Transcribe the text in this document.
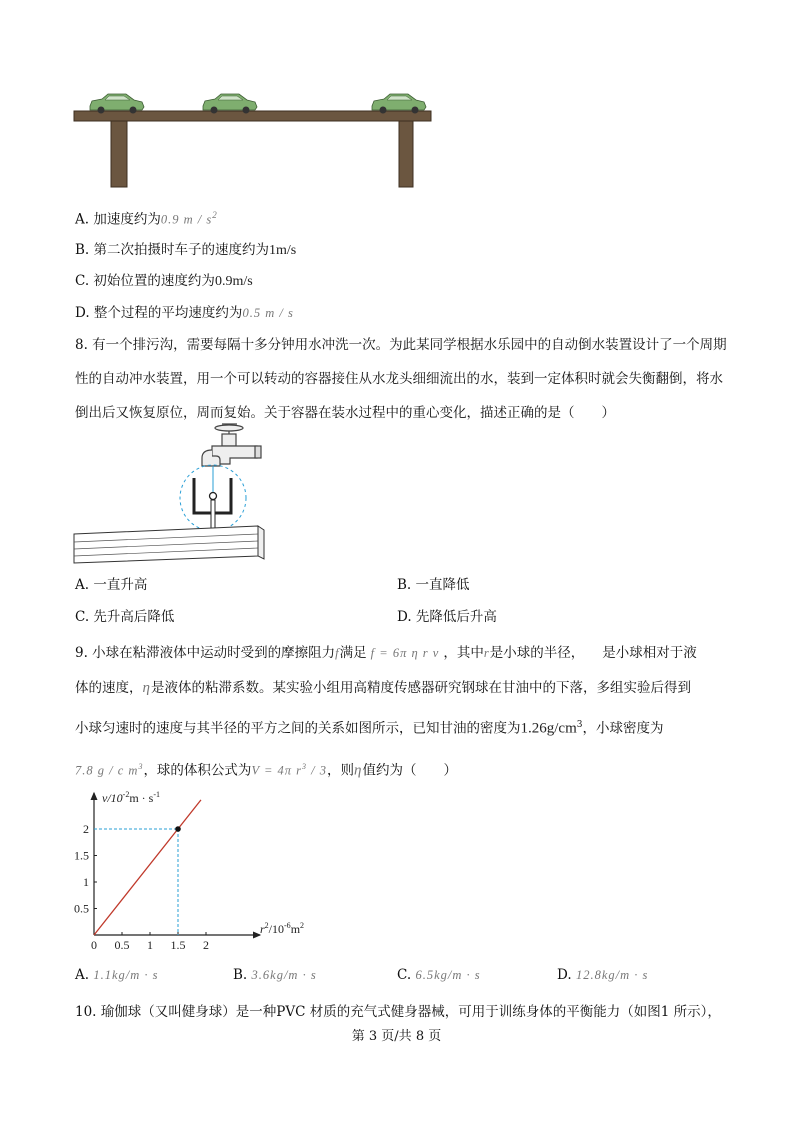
A. 加速度约为0.9 m / $s^2$
B. 第二次拍摄时车子的速度约为1m/s
C. 初始位置的速度约为0.9m/s
D. 整个过程的平均速度约为0.5 m / s
8. 有一个排污沟，需要每隔十多分钟用水冲洗一次。为此某同学根据水乐园中的自动倒水装置设计了一个周期性的自动冲水装置，用一个可以转动的容器接住从水龙头细细流出的水，装到一定体积时就会失衡翻倒，将水倒出后又恢复原位，周而复始。关于容器在装水过程中的重心变化，描述正确的是（　　）
A. 一直升高	B. 一直降低
C. 先升高后降低	D. 先降低后升高
9. 小球在粘滞液体中运动时受到的摩擦阻力f满足 f = 6π η r v ，其中r是小球的半径， 是小球相对于液
体的速度，η是液体的粘滞系数。某实验小组用高精度传感器研究钢球在甘油中的下落，多组实验后得到
小球匀速时的速度与其半径的平方之间的关系如图所示，已知甘油的密度为$1.26g/cm^3$，小球密度为
7.8 g / c $m^3$，球的体积公式为V = 4π $r^3 / 3$，则η值约为（　　）
0 0.5 1 1.5 2
0.5
1
1.5
2
$v/10^{-2}m \cdot s^{-1}$
$r^2/10^{-6}m^2$
A. 1.1kg/m · s	B. 3.6kg/m · s	C. 6.5kg/m · s	D. 12.8kg/m · s
10. 瑜伽球（又叫健身球）是一种PVC 材质的充气式健身器械，可用于训练身体的平衡能力（如图1 所示），
第 3 页/共 8 页
